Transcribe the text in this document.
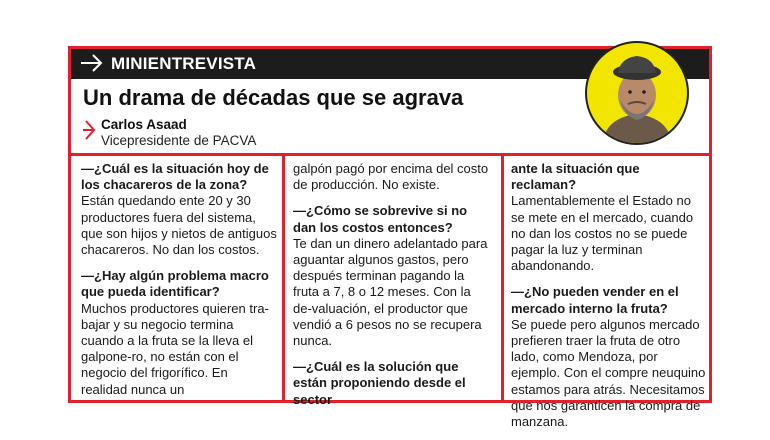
MINIENTREVISTA
Un drama de décadas que se agrava
Carlos Asaad
Vicepresidente de PACVA

—¿Cuál es la situación hoy de los chacareros de la zona?
Están quedando ente 20 y 30 productores fuera del sistema, que son hijos y nietos de antiguos chacareros. No dan los costos.

—¿Hay algún problema macro que pueda identificar?
Muchos productores quieren tra-bajar y su negocio termina cuando a la fruta se la lleva el galpone-ro, no están con el negocio del frigorífico. En realidad nunca un

galpón pagó por encima del costo de producción. No existe.

—¿Cómo se sobrevive si no dan los costos entonces?
Te dan un dinero adelantado para aguantar algunos gastos, pero después terminan pagando la fruta a 7, 8 o 12 meses. Con la de-valuación, el productor que vendió a 6 pesos no se recupera nunca.

—¿Cuál es la solución que están proponiendo desde el sector

ante la situación que reclaman?
Lamentablemente el Estado no se mete en el mercado, cuando no dan los costos no se puede pagar la luz y terminan abandonando.

—¿No pueden vender en el mercado interno la fruta?
Se puede pero algunos mercado prefieren traer la fruta de otro lado, como Mendoza, por ejemplo. Con el compre neuquino estamos para atrás. Necesitamos que nos garanticen la compra de manzana.
